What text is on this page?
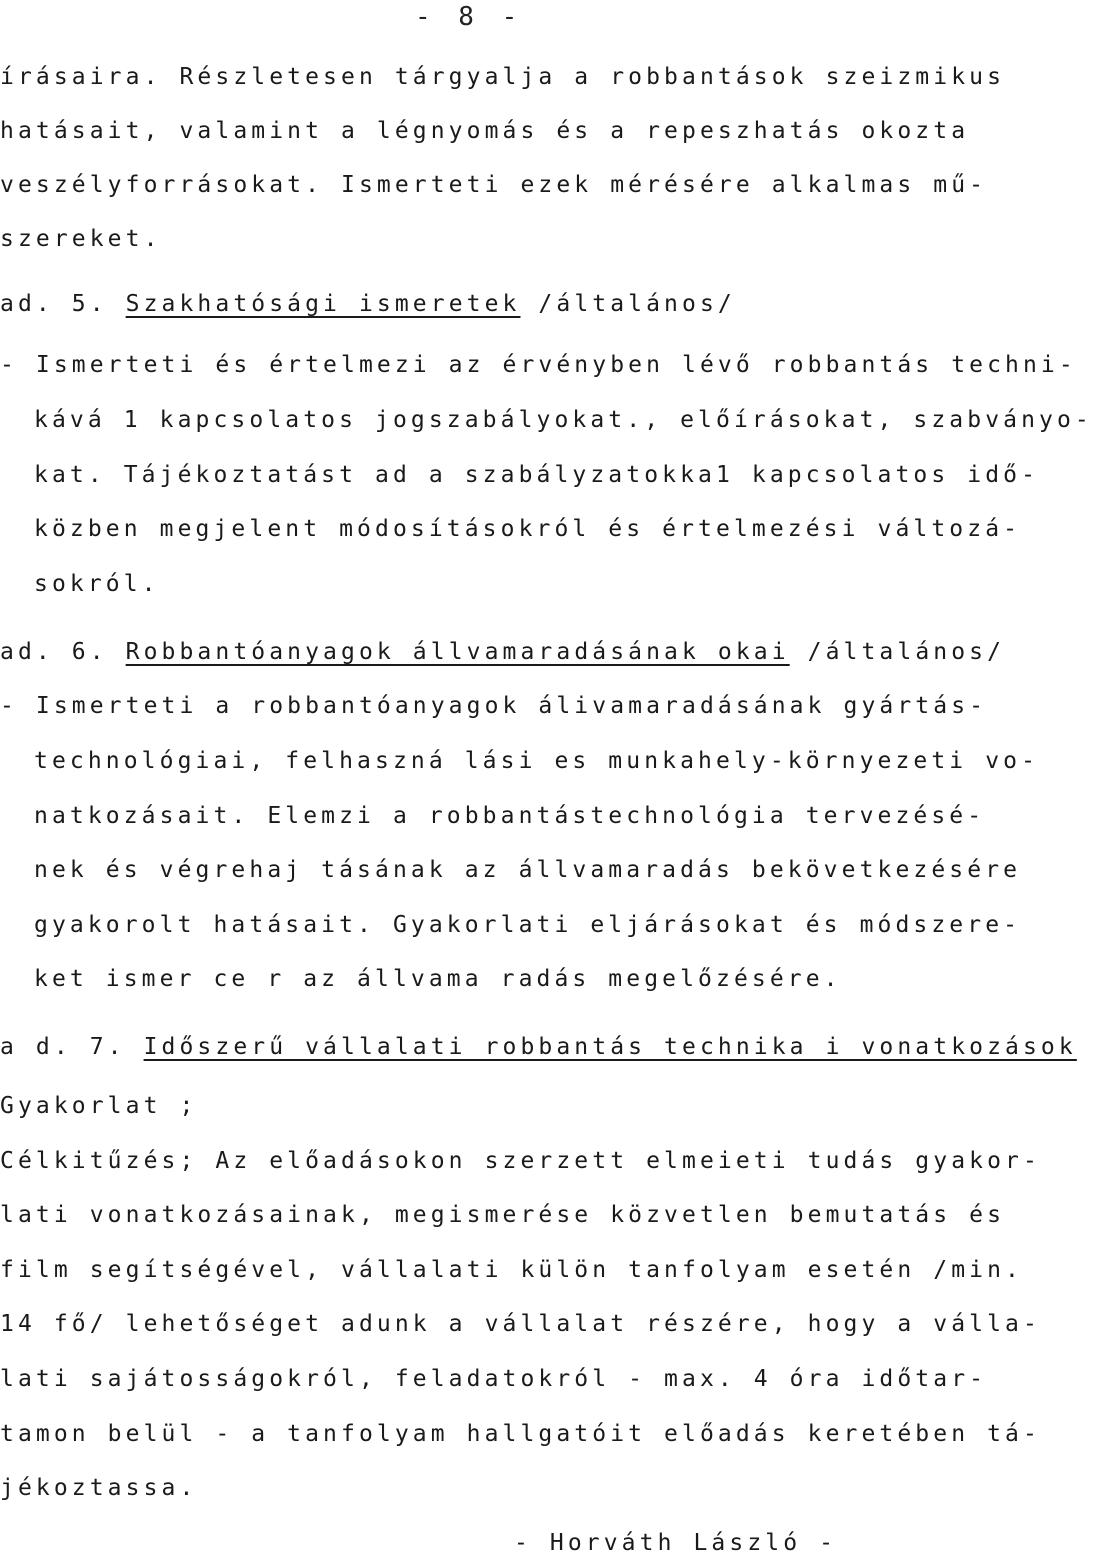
- 8 -
írásaira. Részletesen tárgyalja a robbantások szeizmikus
hatásait, valamint a légnyomás és a repeszhatás okozta
veszélyforrásokat. Ismerteti ezek mérésére alkalmas mű-
szereket.
ad. 5. Szakhatósági ismeretek /általános/
- Ismerteti és értelmezi az érvényben lévő robbantás techni-
kává 1 kapcsolatos jogszabályokat., előírásokat, szabványo-
kat. Tájékoztatást ad a szabályzatokka1 kapcsolatos idő-
közben megjelent módosításokról és értelmezési változá-
sokról.
ad. 6. Robbantóanyagok állvamaradásának okai /általános/
- Ismerteti a robbantóanyagok álivamaradásának gyártás-
technológiai, felhaszná lási es munkahely-környezeti vo-
natkozásait. Elemzi a robbantástechnológia tervezésé-
nek és végrehaj tásának az állvamaradás bekövetkezésére
gyakorolt hatásait. Gyakorlati eljárásokat és módszere-
ket ismer ce r az állvama radás megelőzésére.
a d. 7. Időszerű vállalati robbantás technika i vonatkozások
Gyakorlat ;
Célkitűzés; Az előadásokon szerzett elmeieti tudás gyakor-
lati vonatkozásainak, megismerése közvetlen bemutatás és
film segítségével, vállalati külön tanfolyam esetén /min.
14 fő/ lehetőséget adunk a vállalat részére, hogy a válla-
lati sajátosságokról, feladatokról - max. 4 óra időtar-
tamon belül - a tanfolyam hallgatóit előadás keretében tá-
jékoztassa.
- Horváth László -
